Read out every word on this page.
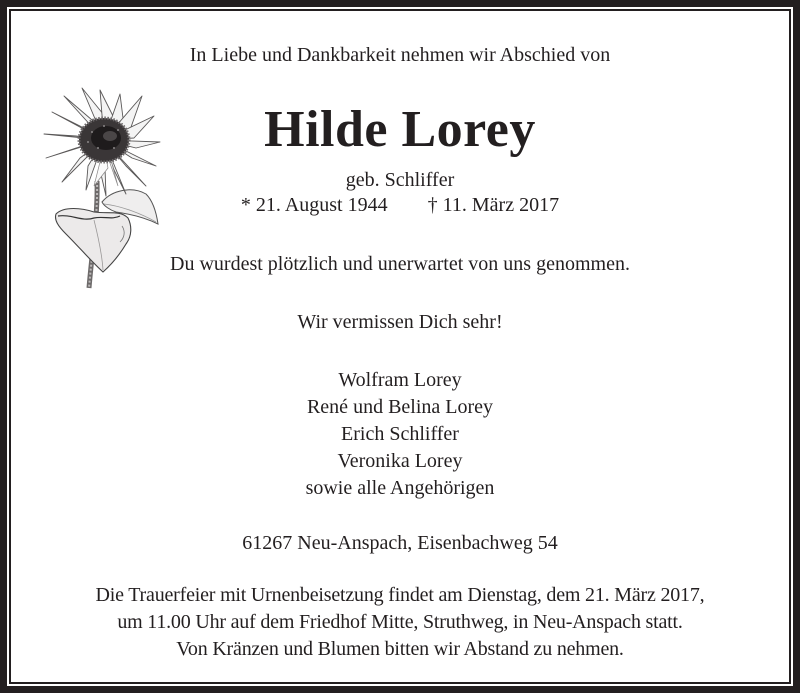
In Liebe und Dankbarkeit nehmen wir Abschied von
Hilde Lorey
geb. Schliffer
* 21. August 1944 † 11. März 2017
Du wurdest plötzlich und unerwartet von uns genommen.
Wir vermissen Dich sehr!
Wolfram Lorey
René und Belina Lorey
Erich Schliffer
Veronika Lorey
sowie alle Angehörigen
61267 Neu-Anspach, Eisenbachweg 54
Die Trauerfeier mit Urnenbeisetzung findet am Dienstag, dem 21. März 2017,
um 11.00 Uhr auf dem Friedhof Mitte, Struthweg, in Neu-Anspach statt.
Von Kränzen und Blumen bitten wir Abstand zu nehmen.
